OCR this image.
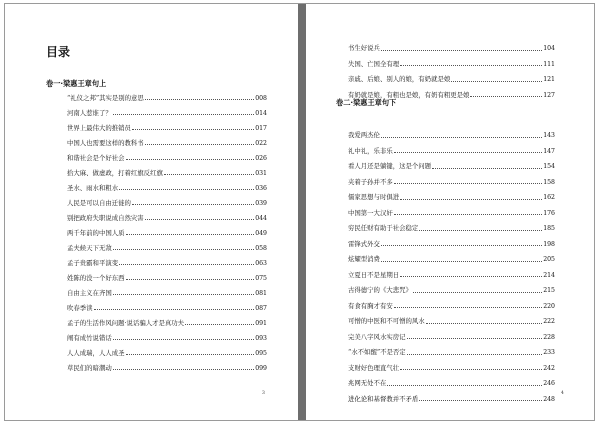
目录
卷一·梁惠王章句上
“礼仪之邦”其实是别的意思	008
河南人惹谁了？	014
世界上最伟大的推销员	017
中国人也需要这样的教科书	022
和谐社会是个好社会	026
拾大麻、做虚政，打着红旗反红旗	031
圣水、雨水和粗水	036
人民是可以自由迁徙的	039
别把政府失职说成自然灾害	044
两千年前的中国人质	049
孟夫候天下无敌	058
孟子贵霸和平演变	063
姓陈的没一个好东西	075
自由主义在齐国	081
吹春季读	087
孟子的生活作风问题·说话骗人才是真功夫	091
阐有成竹说错话	093
人人成瑞，人人成圣	095
草民们的暗潮动	099
3
书生好说兵	104
失国、亡国全有理	111
亲戚、后娘、别人的娘，有奶就是娘	121
有奶就是娘，有粗也是娘，有奶有粗更是娘	127
我爱两杰伦	143
礼中礼，乐非乐	147
看人月还是躺键，这是个问题	154
夹着子孙并不多	158
儒家思想与时俱进	162
中国第一大汉奸	176
穷民任财有助于社会稳定	185
雷锋式外交	198
炫耀型消费	205
立夏日不是星期日	214
古得德宁的《大悲咒》	215
有食有胸才有安	220
可憎的中医和不可憎的风水	222
完美八字风水实房记	228
“水不如醒”不是否定	233
支财好色理直气壮	242
兆网无处不在	246
进化论和基督教并不矛盾	248
卷二·梁惠王章句下
4
